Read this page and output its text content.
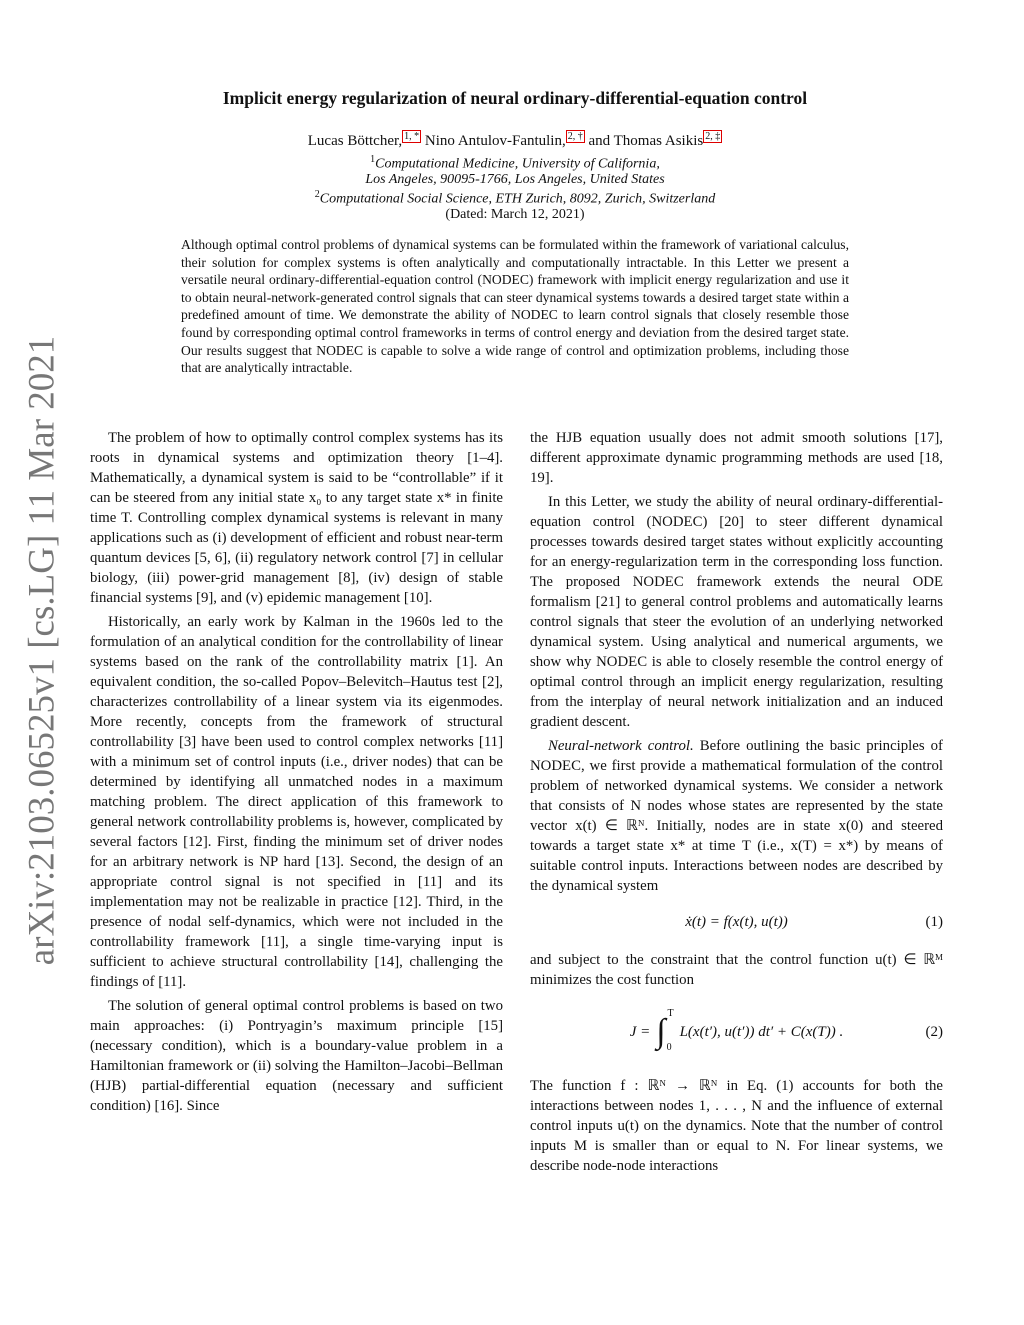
arXiv:2103.06525v1 [cs.LG] 11 Mar 2021
Implicit energy regularization of neural ordinary-differential-equation control
Lucas Böttcher, $^{1, *}$ Nino Antulov-Fantulin, $^{2, \dagger}$ and Thomas Asikis $^{2, \ddagger}$
$^1$Computational Medicine, University of California,
Los Angeles, 90095-1766, Los Angeles, United States
$^2$Computational Social Science, ETH Zurich, 8092, Zurich, Switzerland
(Dated: March 12, 2021)
Although optimal control problems of dynamical systems can be formulated within the framework of variational calculus, their solution for complex systems is often analytically and computationally intractable. In this Letter we present a versatile neural ordinary-differential-equation control (NODEC) framework with implicit energy regularization and use it to obtain neural-network-generated control signals that can steer dynamical systems towards a desired target state within a predefined amount of time. We demonstrate the ability of NODEC to learn control signals that closely resemble those found by corresponding optimal control frameworks in terms of control energy and deviation from the desired target state. Our results suggest that NODEC is capable to solve a wide range of control and optimization problems, including those that are analytically intractable.

The problem of how to optimally control complex systems has its roots in dynamical systems and optimization theory [1–4]. Mathematically, a dynamical system is said to be “controllable” if it can be steered from any initial state x₀ to any target state x* in finite time T. Controlling complex dynamical systems is relevant in many applications such as (i) development of efficient and robust near-term quantum devices [5, 6], (ii) regulatory network control [7] in cellular biology, (iii) power-grid management [8], (iv) design of stable financial systems [9], and (v) epidemic management [10].

Historically, an early work by Kalman in the 1960s led to the formulation of an analytical condition for the controllability of linear systems based on the rank of the controllability matrix [1]. An equivalent condition, the so-called Popov–Belevitch–Hautus test [2], characterizes controllability of a linear system via its eigenmodes. More recently, concepts from the framework of structural controllability [3] have been used to control complex networks [11] with a minimum set of control inputs (i.e., driver nodes) that can be determined by identifying all unmatched nodes in a maximum matching problem. The direct application of this framework to general network controllability problems is, however, complicated by several factors [12]. First, finding the minimum set of driver nodes for an arbitrary network is NP hard [13]. Second, the design of an appropriate control signal is not specified in [11] and its implementation may not be realizable in practice [12]. Third, in the presence of nodal self-dynamics, which were not included in the controllability framework [11], a single time-varying input is sufficient to achieve structural controllability [14], challenging the findings of [11].

The solution of general optimal control problems is based on two main approaches: (i) Pontryagin’s maximum principle [15] (necessary condition), which is a boundary-value problem in a Hamiltonian framework or (ii) solving the Hamilton–Jacobi–Bellman (HJB) partial-differential equation (necessary and sufficient condition) [16]. Since

the HJB equation usually does not admit smooth solutions [17], different approximate dynamic programming methods are used [18, 19].

In this Letter, we study the ability of neural ordinary-differential-equation control (NODEC) [20] to steer different dynamical processes towards desired target states without explicitly accounting for an energy-regularization term in the corresponding loss function. The proposed NODEC framework extends the neural ODE formalism [21] to general control problems and automatically learns control signals that steer the evolution of an underlying networked dynamical system. Using analytical and numerical arguments, we show why NODEC is able to closely resemble the control energy of optimal control through an implicit energy regularization, resulting from the interplay of neural network initialization and an induced gradient descent.

Neural-network control. Before outlining the basic principles of NODEC, we first provide a mathematical formulation of the control problem of networked dynamical systems. We consider a network that consists of N nodes whose states are represented by the state vector x(t) ∈ ℝᴺ. Initially, nodes are in state x(0) and steered towards a target state x* at time T (i.e., x(T) = x*) by means of suitable control inputs. Interactions between nodes are described by the dynamical system

ẋ(t) = f(x(t), u(t))	(1)

and subject to the constraint that the control function u(t) ∈ ℝᴹ minimizes the cost function

J = ∫ T
0
L(x(t′), u(t′)) dt′ + C(x(T)) .	(2)

The function f : ℝᴺ → ℝᴺ in Eq. (1) accounts for both the interactions between nodes 1, . . . , N and the influence of external control inputs u(t) on the dynamics. Note that the number of control inputs M is smaller than or equal to N. For linear systems, we describe node-node interactions
